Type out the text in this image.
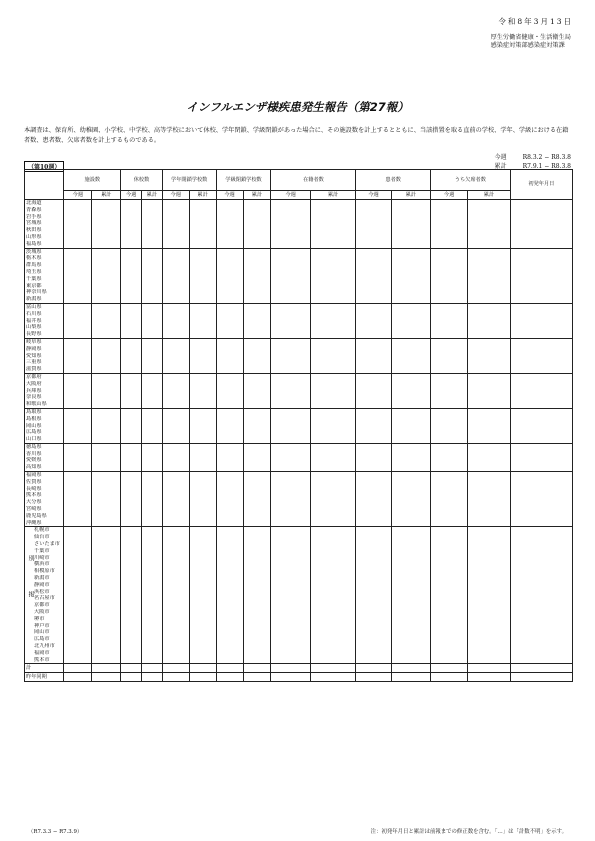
令和8年3月13日
厚生労働省健康・生活衛生局
感染症対策部感染症対策課
インフルエンザ様疾患発生報告（第27報）
本調査は、保育所、幼稚園、小学校、中学校、高等学校において休校、学年閉鎖、学級閉鎖があった場合に、その施設数を計上するとともに、当該措置を取る直前の学校、学年、学級における在籍者数、患者数、欠席者数を計上するものである。
（第10週）
今週	R8.3.2 − R8.3.8
累計	R7.9.1 − R8.3.8
	施設数		休校数		学年閉鎖学校数		学級閉鎖学校数		在籍者数		患者数		うち欠席者数		初発年月日
	今週	累計	今週	累計	今週	累計	今週	累計	今週	累計	今週	累計	今週	累計	
北海道															
青森県															
岩手県															
宮城県															
秋田県															
山形県															
福島県															
茨城県															
栃木県															
群馬県															
埼玉県															
千葉県															
東京都															
神奈川県															
新潟県															
富山県															
石川県															
福井県															
山梨県															
長野県															
岐阜県															
静岡県															
愛知県															
三重県															
滋賀県															
京都府															
大阪府															
兵庫県															
奈良県															
和歌山県															
鳥取県															
島根県															
岡山県															
広島県															
山口県															
徳島県															
香川県															
愛媛県															
高知県															
福岡県															
佐賀県															
長崎県															
熊本県															
大分県															
宮崎県															
鹿児島県															
沖縄県															
札幌市															
仙台市															
さいたま市															
千葉市															
川崎市															
横浜市															
相模原市															
新潟市															
静岡市															
浜松市															
名古屋市															
京都市															
大阪市															
堺市															
神戸市															
岡山市															
広島市															
北九州市															
福岡市															
熊本市															
計															
昨年同期															
（R7.3.3 − R7.3.9）	注：初発年月日と累計は前報までの修正数を含む。「…」は「計数不明」を示す。
別掲
